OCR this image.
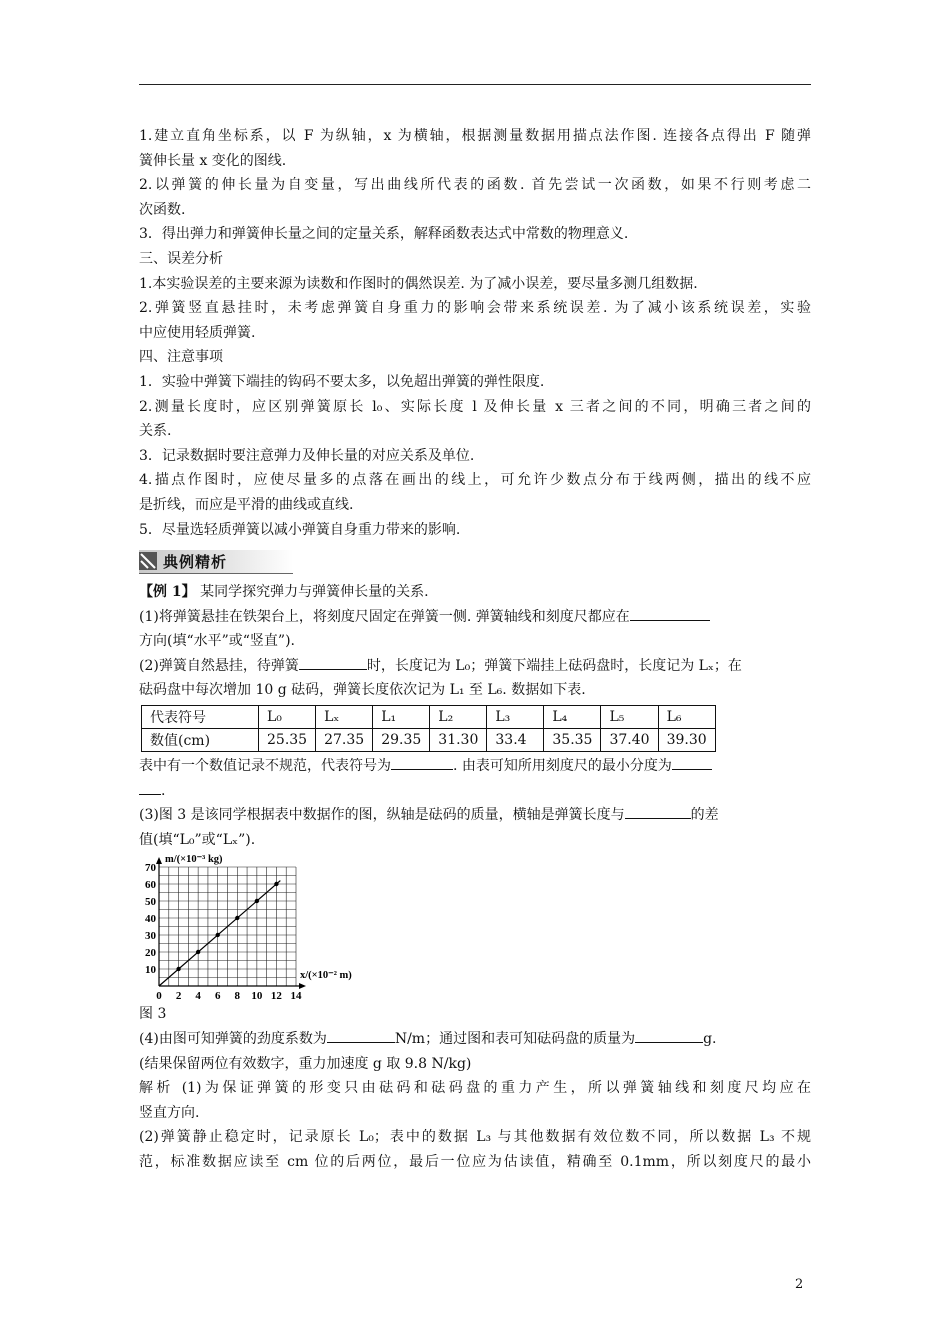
1.建立直角坐标系，以 F 为纵轴，x 为横轴，根据测量数据用描点法作图. 连接各点得出 F 随弹
簧伸长量 x 变化的图线.
2.以弹簧的伸长量为自变量，写出曲线所代表的函数. 首先尝试一次函数，如果不行则考虑二
次函数.
3．得出弹力和弹簧伸长量之间的定量关系，解释函数表达式中常数的物理意义.
三、误差分析
1.本实验误差的主要来源为读数和作图时的偶然误差. 为了减小误差，要尽量多测几组数据.
2.弹簧竖直悬挂时，未考虑弹簧自身重力的影响会带来系统误差. 为了减小该系统误差，实验
中应使用轻质弹簧.
四、注意事项
1．实验中弹簧下端挂的钩码不要太多，以免超出弹簧的弹性限度.
2.测量长度时，应区别弹簧原长 l₀、实际长度 l 及伸长量 x 三者之间的不同，明确三者之间的
关系.
3．记录数据时要注意弹力及伸长量的对应关系及单位.
4.描点作图时，应使尽量多的点落在画出的线上，可允许少数点分布于线两侧，描出的线不应
是折线，而应是平滑的曲线或直线.
5．尽量选轻质弹簧以减小弹簧自身重力带来的影响.
典例精析
【例 1】 某同学探究弹力与弹簧伸长量的关系.
(1)将弹簧悬挂在铁架台上，将刻度尺固定在弹簧一侧. 弹簧轴线和刻度尺都应在
方向(填“水平”或“竖直”).
(2)弹簧自然悬挂，待弹簧	时，长度记为 L₀；弹簧下端挂上砝码盘时，长度记为 Lₓ；在
砝码盘中每次增加 10 g 砝码，弹簧长度依次记为 L₁ 至 L₆. 数据如下表.
代表符号	L₀	Lₓ	L₁	L₂	L₃	L₄	L₅	L₆
数值(cm)	25.35	27.35	29.35	31.30	33.4	35.35	37.40	39.30
表中有一个数值记录不规范，代表符号为	. 由表可知所用刻度尺的最小分度为
.
(3)图 3 是该同学根据表中数据作的图，纵轴是砝码的质量，横轴是弹簧长度与	的差
值(填“L₀”或“Lₓ”).
0 2 4 6 8 10 12 14
10
20
30
40
50
60
70
m/(×10⁻³ kg)
x/(×10⁻² m)
图 3
(4)由图可知弹簧的劲度系数为	N/m；通过图和表可知砝码盘的质量为	g.
(结果保留两位有效数字，重力加速度 g 取 9.8 N/kg)
解析 (1)为保证弹簧的形变只由砝码和砝码盘的重力产生，所以弹簧轴线和刻度尺均应在
竖直方向.
(2)弹簧静止稳定时，记录原长 L₀；表中的数据 L₃ 与其他数据有效位数不同，所以数据 L₃ 不规
范，标准数据应读至 cm 位的后两位，最后一位应为估读值，精确至 0.1mm，所以刻度尺的最小
2
